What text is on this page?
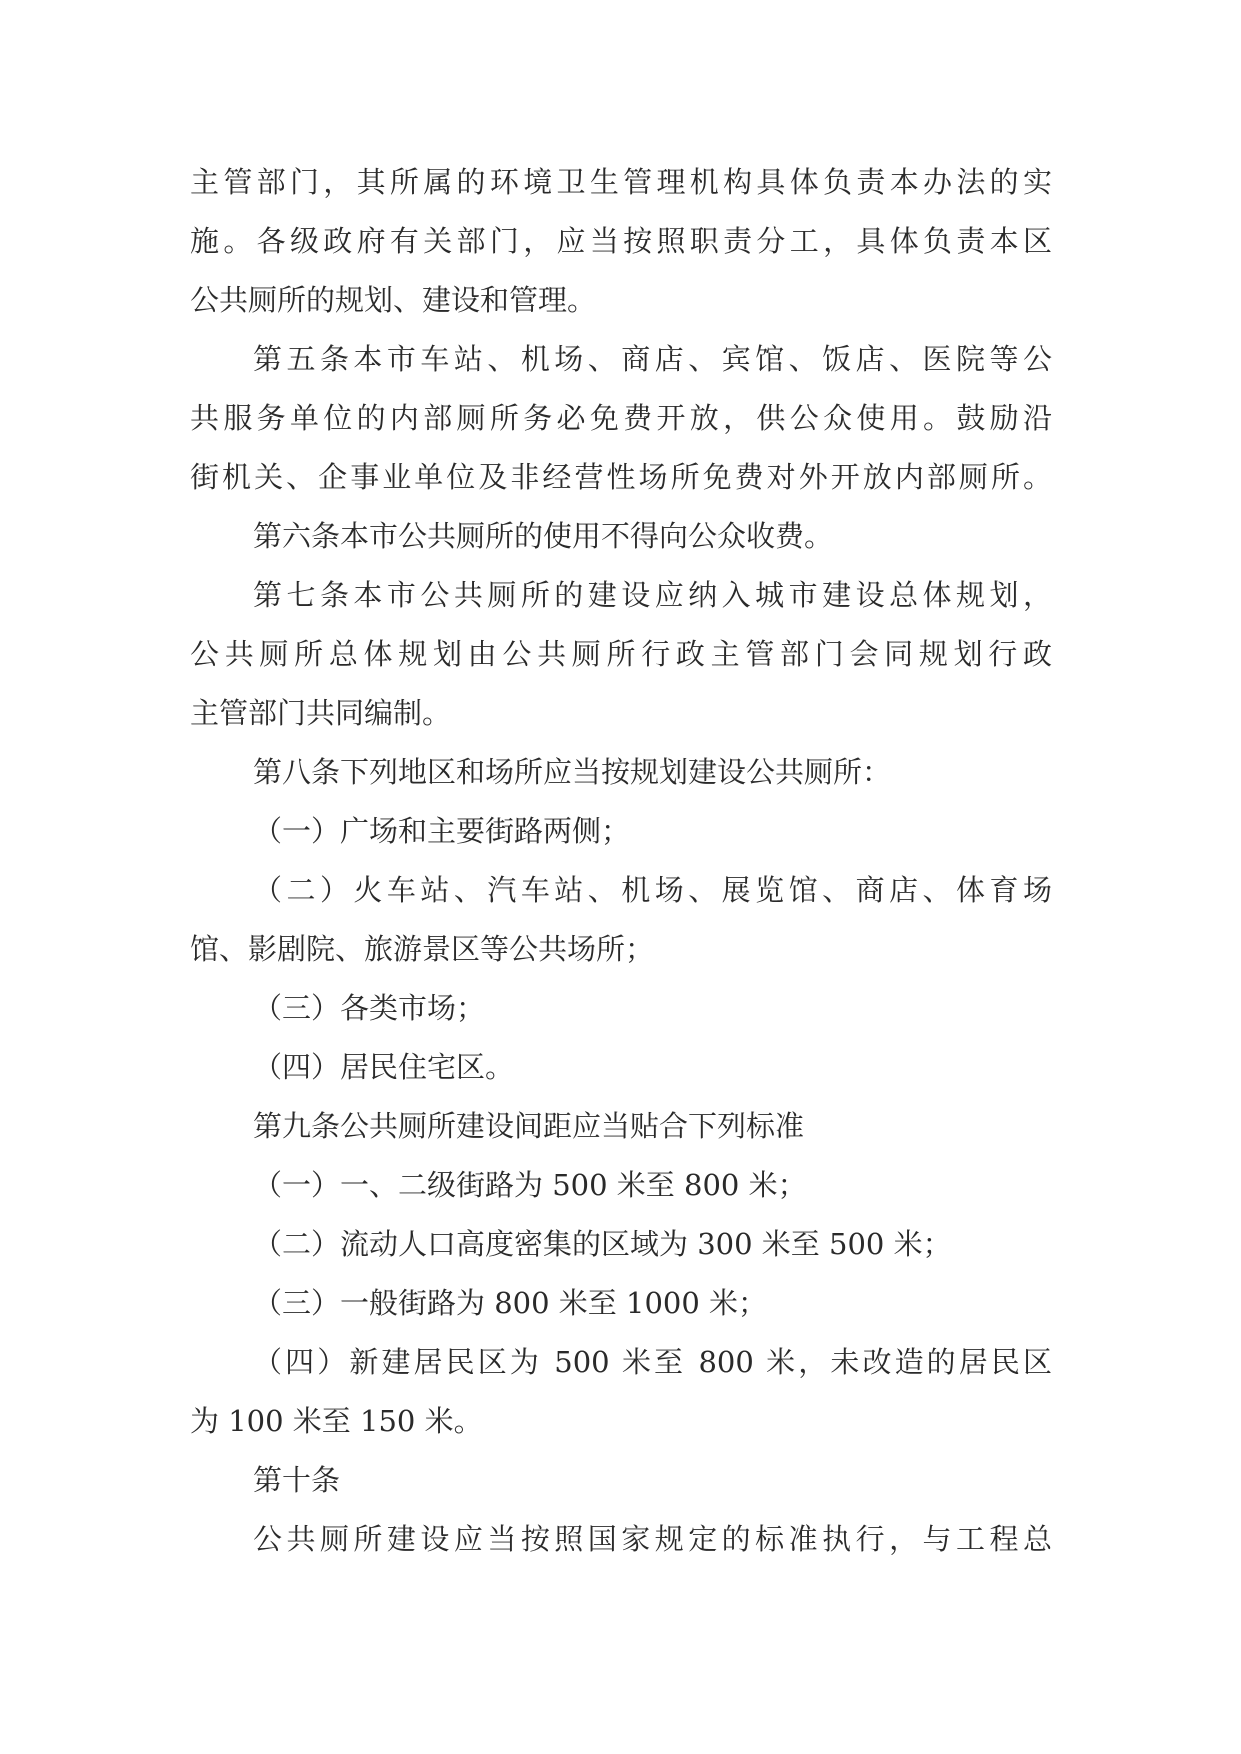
主管部门，其所属的环境卫生管理机构具体负责本办法的实
施。各级政府有关部门，应当按照职责分工，具体负责本区
公共厕所的规划、建设和管理。
第五条本市车站、机场、商店、宾馆、饭店、医院等公
共服务单位的内部厕所务必免费开放，供公众使用。鼓励沿
街机关、企事业单位及非经营性场所免费对外开放内部厕所。
第六条本市公共厕所的使用不得向公众收费。
第七条本市公共厕所的建设应纳入城市建设总体规划，
公共厕所总体规划由公共厕所行政主管部门会同规划行政
主管部门共同编制。
第八条下列地区和场所应当按规划建设公共厕所：
（一）广场和主要街路两侧；
（二）火车站、汽车站、机场、展览馆、商店、体育场
馆、影剧院、旅游景区等公共场所；
（三）各类市场；
（四）居民住宅区。
第九条公共厕所建设间距应当贴合下列标准
（一）一、二级街路为 500 米至 800 米；
（二）流动人口高度密集的区域为 300 米至 500 米；
（三）一般街路为 800 米至 1000 米；
（四）新建居民区为 500 米至 800 米，未改造的居民区
为 100 米至 150 米。
第十条
公共厕所建设应当按照国家规定的标准执行，与工程总
